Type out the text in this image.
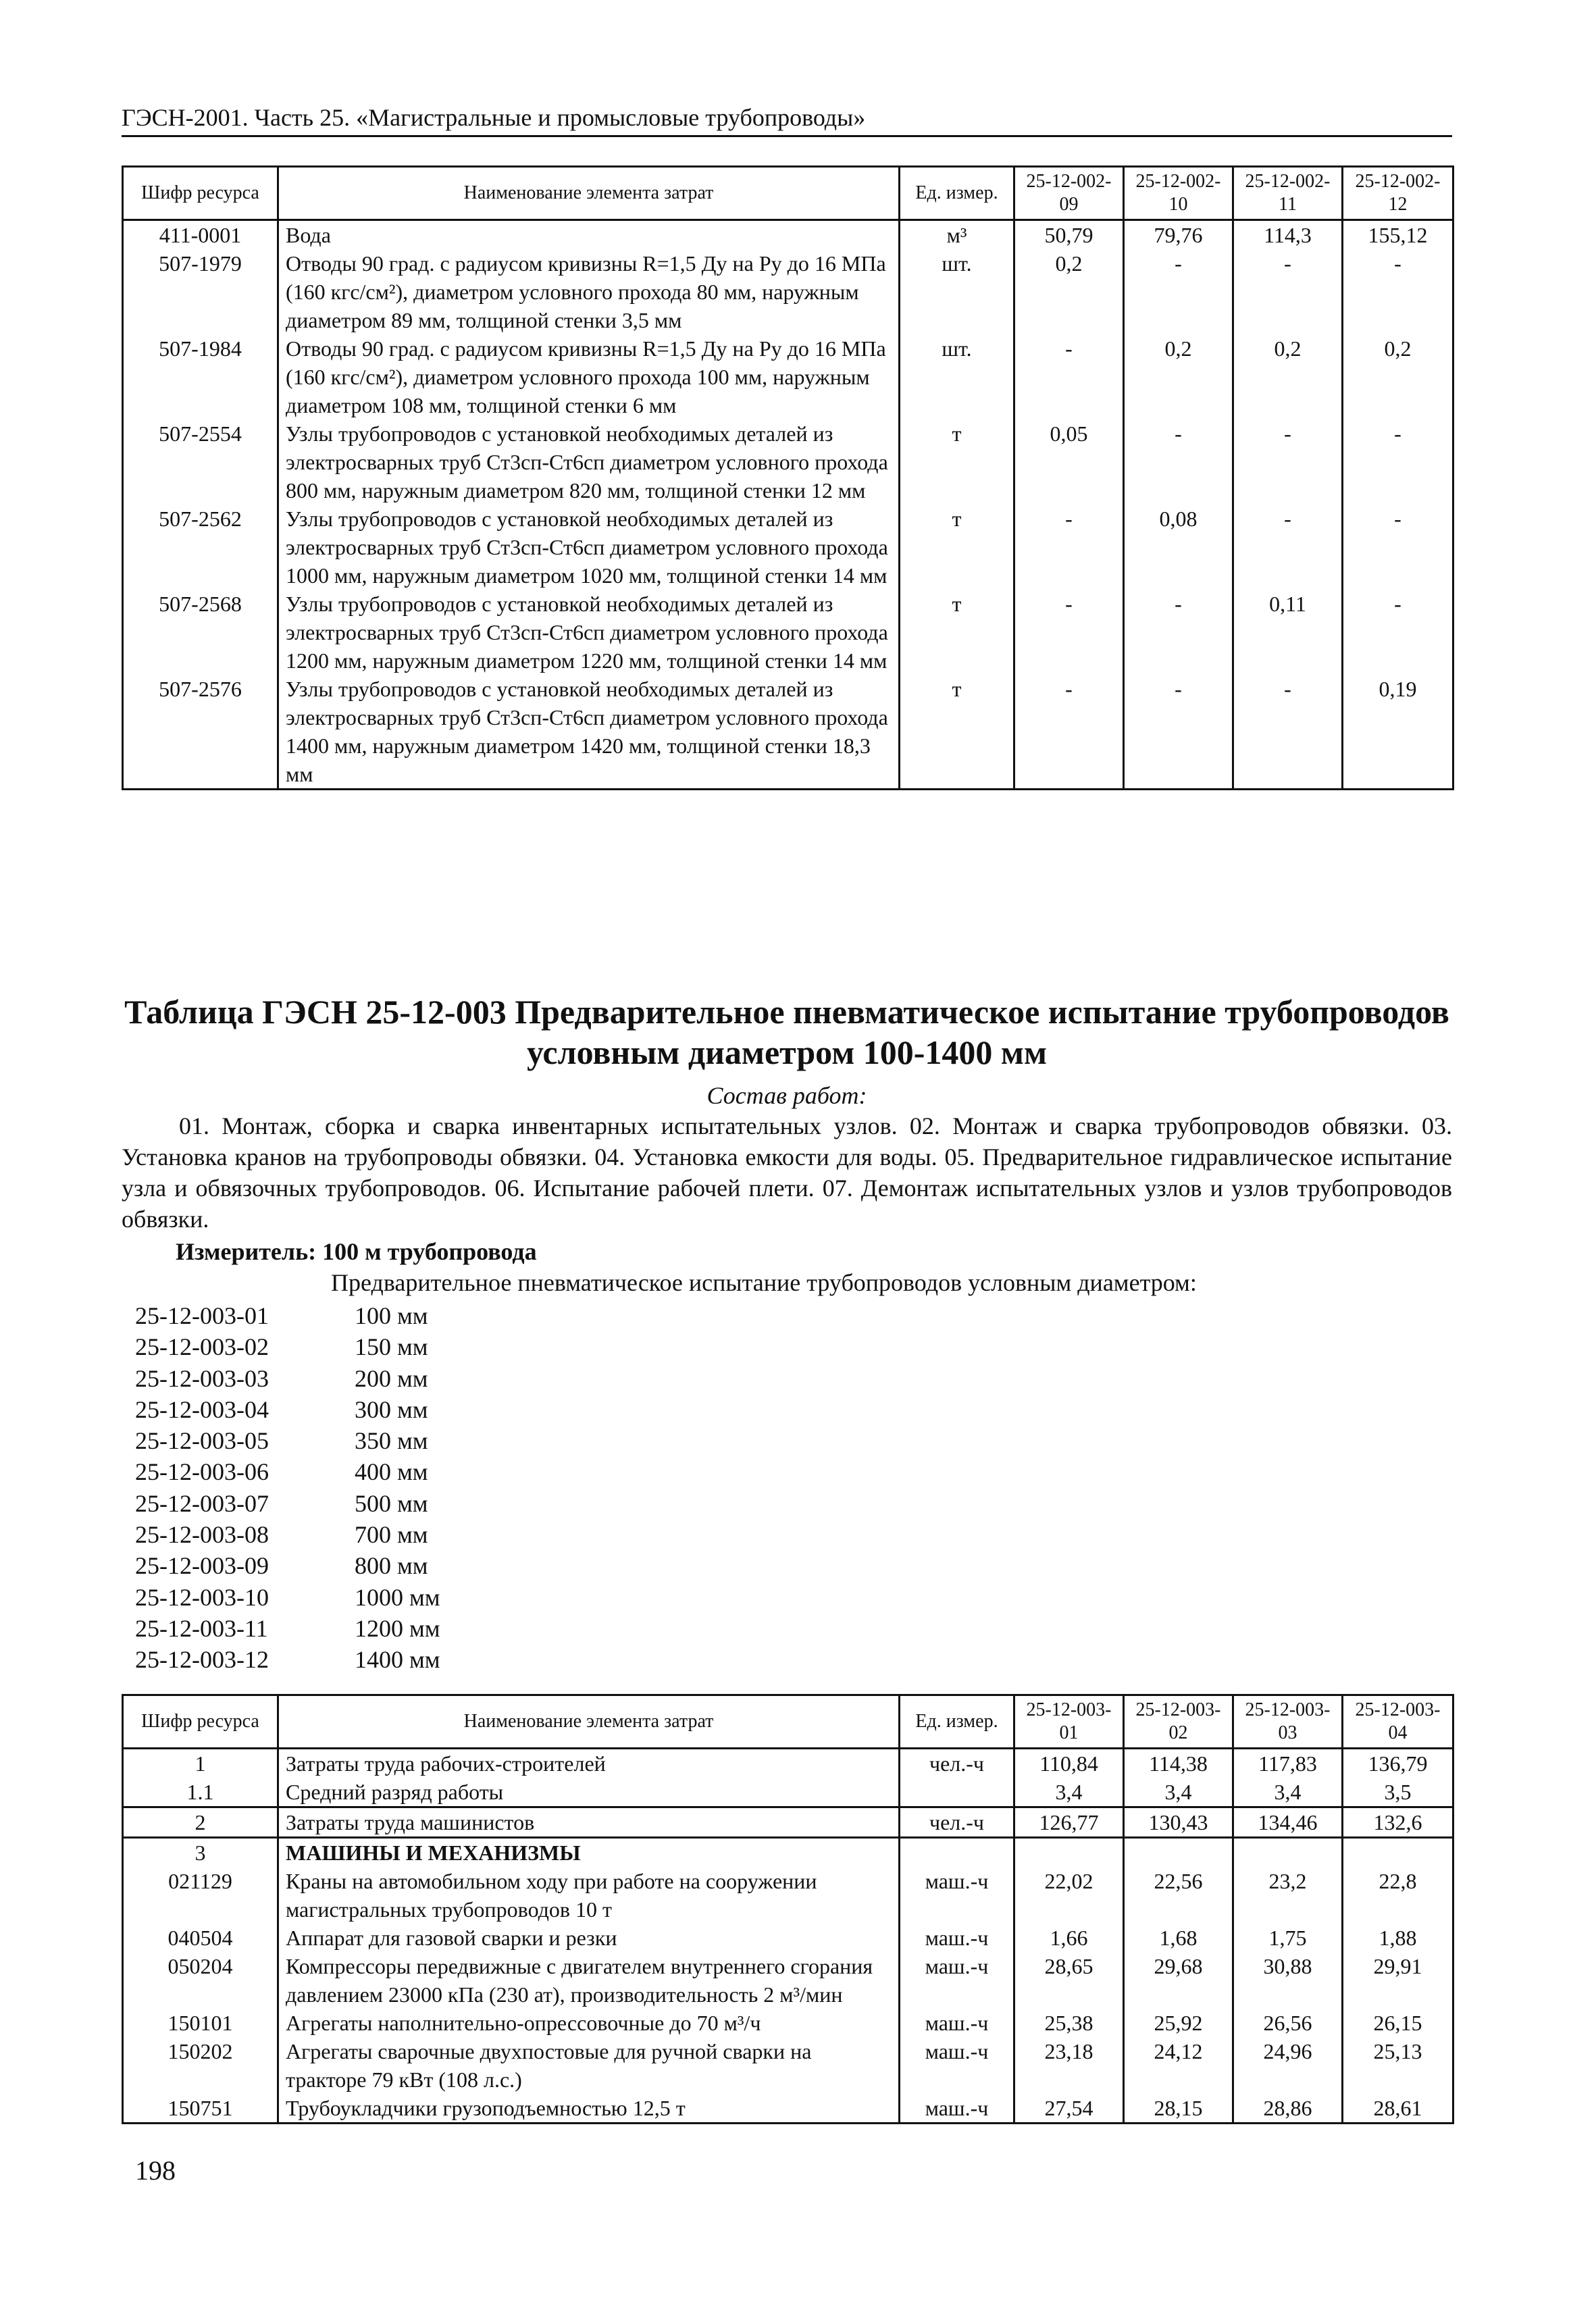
ГЭСН-2001. Часть 25. «Магистральные и промысловые трубопроводы»
Шифр ресурса	Наименование элемента затрат	Ед. измер.	25-12-002-09	25-12-002-10	25-12-002-11	25-12-002-12
411-0001	Вода	м³	50,79	79,76	114,3	155,12
507-1979	Отводы 90 град. с радиусом кривизны R=1,5 Ду на Ру до 16 МПа (160 кгс/см²), диаметром условного прохода 80 мм, наружным диаметром 89 мм, толщиной стенки 3,5 мм	шт.	0,2	-	-	-
507-1984	Отводы 90 град. с радиусом кривизны R=1,5 Ду на Ру до 16 МПа (160 кгс/см²), диаметром условного прохода 100 мм, наружным диаметром 108 мм, толщиной стенки 6 мм	шт.	-	0,2	0,2	0,2
507-2554	Узлы трубопроводов с установкой необходимых деталей из электросварных труб Ст3сп-Ст6сп диаметром условного прохода 800 мм, наружным диаметром 820 мм, толщиной стенки 12 мм	т	0,05	-	-	-
507-2562	Узлы трубопроводов с установкой необходимых деталей из электросварных труб Ст3сп-Ст6сп диаметром условного прохода 1000 мм, наружным диаметром 1020 мм, толщиной стенки 14 мм	т	-	0,08	-	-
507-2568	Узлы трубопроводов с установкой необходимых деталей из электросварных труб Ст3сп-Ст6сп диаметром условного прохода 1200 мм, наружным диаметром 1220 мм, толщиной стенки 14 мм	т	-	-	0,11	-
507-2576	Узлы трубопроводов с установкой необходимых деталей из электросварных труб Ст3сп-Ст6сп диаметром условного прохода 1400 мм, наружным диаметром 1420 мм, толщиной стенки 18,3 мм	т	-	-	-	0,19
Таблица ГЭСН 25-12-003 Предварительное пневматическое испытание трубопроводов условным диаметром 100-1400 мм
Состав работ:
01. Монтаж, сборка и сварка инвентарных испытательных узлов. 02. Монтаж и сварка трубопроводов обвязки. 03. Установка кранов на трубопроводы обвязки. 04. Установка емкости для воды. 05. Предварительное гидравлическое испытание узла и обвязочных трубопроводов. 06. Испытание рабочей плети. 07. Демонтаж испытательных узлов и узлов трубопроводов обвязки.
Измеритель: 100 м трубопровода
Предварительное пневматическое испытание трубопроводов условным диаметром:
25-12-003-01	100 мм
25-12-003-02	150 мм
25-12-003-03	200 мм
25-12-003-04	300 мм
25-12-003-05	350 мм
25-12-003-06	400 мм
25-12-003-07	500 мм
25-12-003-08	700 мм
25-12-003-09	800 мм
25-12-003-10	1000 мм
25-12-003-11	1200 мм
25-12-003-12	1400 мм
Шифр ресурса	Наименование элемента затрат	Ед. измер.	25-12-003-01	25-12-003-02	25-12-003-03	25-12-003-04
1	Затраты труда рабочих-строителей	чел.-ч	110,84	114,38	117,83	136,79
1.1	Средний разряд работы		3,4	3,4	3,4	3,5
2	Затраты труда машинистов	чел.-ч	126,77	130,43	134,46	132,6
3	МАШИНЫ И МЕХАНИЗМЫ					
021129	Краны на автомобильном ходу при работе на сооружении магистральных трубопроводов 10 т	маш.-ч	22,02	22,56	23,2	22,8
040504	Аппарат для газовой сварки и резки	маш.-ч	1,66	1,68	1,75	1,88
050204	Компрессоры передвижные с двигателем внутреннего сгорания давлением 23000 кПа (230 ат), производительность 2 м³/мин	маш.-ч	28,65	29,68	30,88	29,91
150101	Агрегаты наполнительно-опрессовочные до 70 м³/ч	маш.-ч	25,38	25,92	26,56	26,15
150202	Агрегаты сварочные двухпостовые для ручной сварки на тракторе 79 кВт (108 л.с.)	маш.-ч	23,18	24,12	24,96	25,13
150751	Трубоукладчики грузоподъемностью 12,5 т	маш.-ч	27,54	28,15	28,86	28,61
198
